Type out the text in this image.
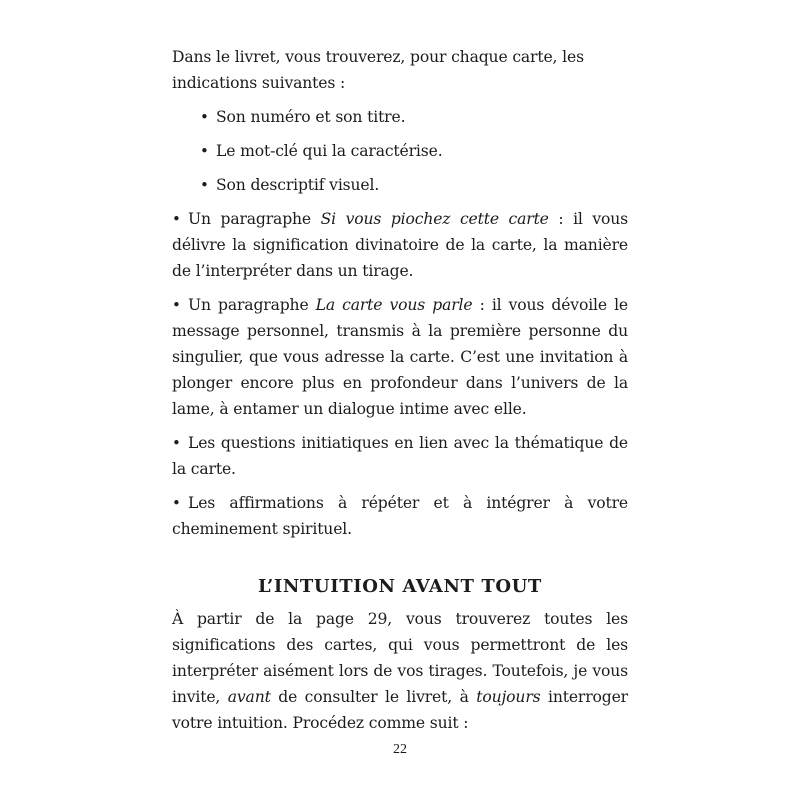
Dans le livret, vous trouverez, pour chaque carte, les indications suivantes :

• Son numéro et son titre.
• Le mot-clé qui la caractérise.
• Son descriptif visuel.
• Un paragraphe Si vous piochez cette carte : il vous délivre la signification divinatoire de la carte, la manière de l’interpréter dans un tirage.
• Un paragraphe La carte vous parle : il vous dévoile le message personnel, transmis à la première personne du singulier, que vous adresse la carte. C’est une invitation à plonger encore plus en profondeur dans l’univers de la lame, à entamer un dialogue intime avec elle.
• Les questions initiatiques en lien avec la thématique de la carte.
• Les affirmations à répéter et à intégrer à votre cheminement spirituel.
L’INTUITION AVANT TOUT

À partir de la page 29, vous trouverez toutes les significations des cartes, qui vous permettront de les interpréter aisément lors de vos tirages. Toutefois, je vous invite, avant de consulter le livret, à toujours interroger votre intuition. Procédez comme suit :

22
